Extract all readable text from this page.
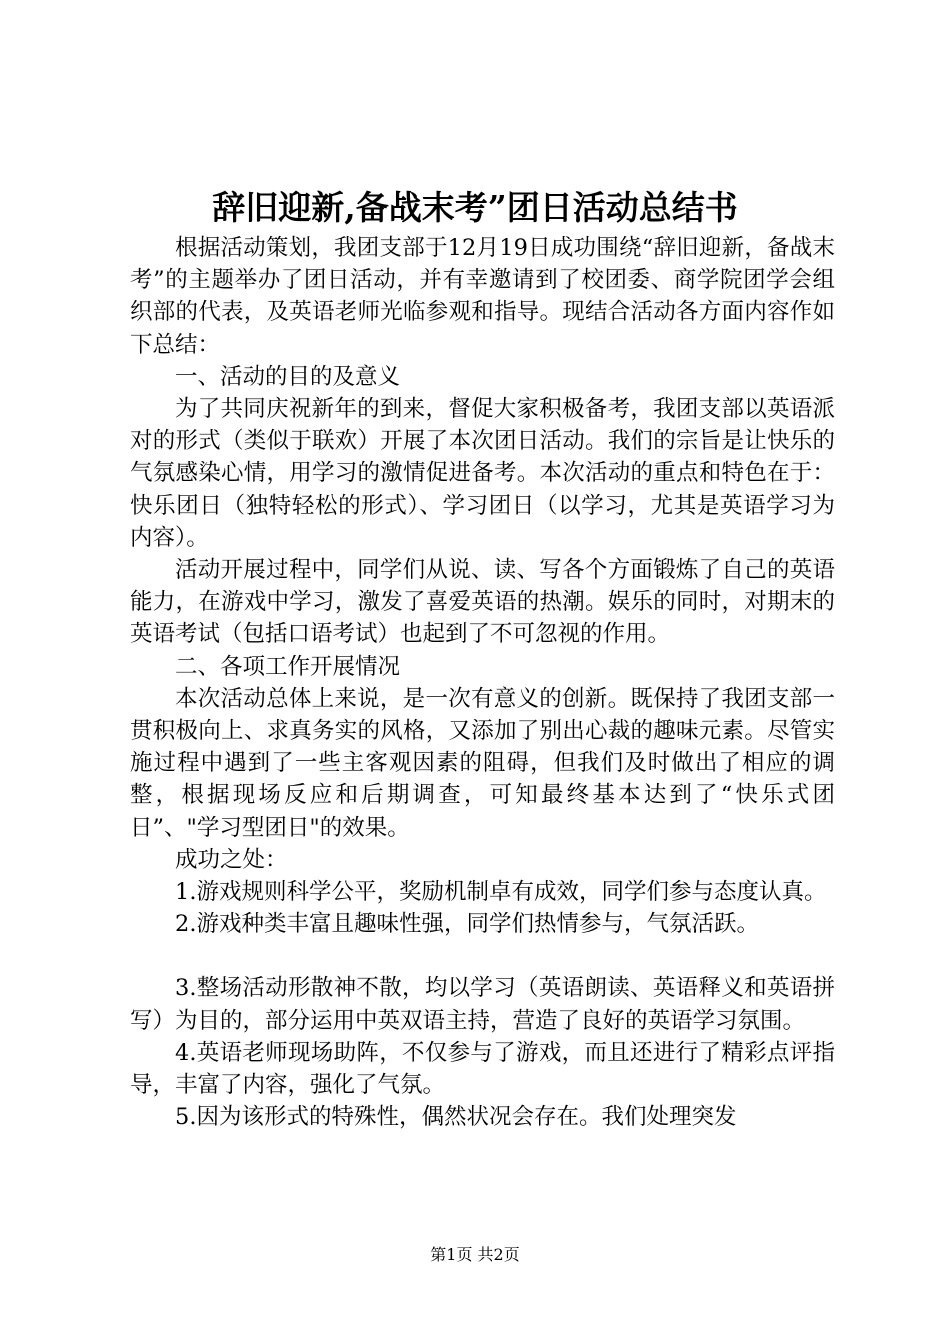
辞旧迎新,备战末考”团日活动总结书

根据活动策划，我团支部于12月19日成功围绕“辞旧迎新，备战末考”的主题举办了团日活动，并有幸邀请到了校团委、商学院团学会组织部的代表，及英语老师光临参观和指导。现结合活动各方面内容作如下总结：

一、活动的目的及意义

为了共同庆祝新年的到来，督促大家积极备考，我团支部以英语派对的形式（类似于联欢）开展了本次团日活动。我们的宗旨是让快乐的气氛感染心情，用学习的激情促进备考。本次活动的重点和特色在于：快乐团日（独特轻松的形式）、学习团日（以学习，尤其是英语学习为内容）。

活动开展过程中，同学们从说、读、写各个方面锻炼了自己的英语能力，在游戏中学习，激发了喜爱英语的热潮。娱乐的同时，对期末的英语考试（包括口语考试）也起到了不可忽视的作用。

二、各项工作开展情况

本次活动总体上来说，是一次有意义的创新。既保持了我团支部一贯积极向上、求真务实的风格，又添加了别出心裁的趣味元素。尽管实施过程中遇到了一些主客观因素的阻碍，但我们及时做出了相应的调整，根据现场反应和后期调查，可知最终基本达到了“快乐式团日”、"学习型团日"的效果。

成功之处：

1.游戏规则科学公平，奖励机制卓有成效，同学们参与态度认真。

2.游戏种类丰富且趣味性强，同学们热情参与，气氛活跃。

3.整场活动形散神不散，均以学习（英语朗读、英语释义和英语拼写）为目的，部分运用中英双语主持，营造了良好的英语学习氛围。

4.英语老师现场助阵，不仅参与了游戏，而且还进行了精彩点评指导，丰富了内容，强化了气氛。

5.因为该形式的特殊性，偶然状况会存在。我们处理突发

第1页 共2页
